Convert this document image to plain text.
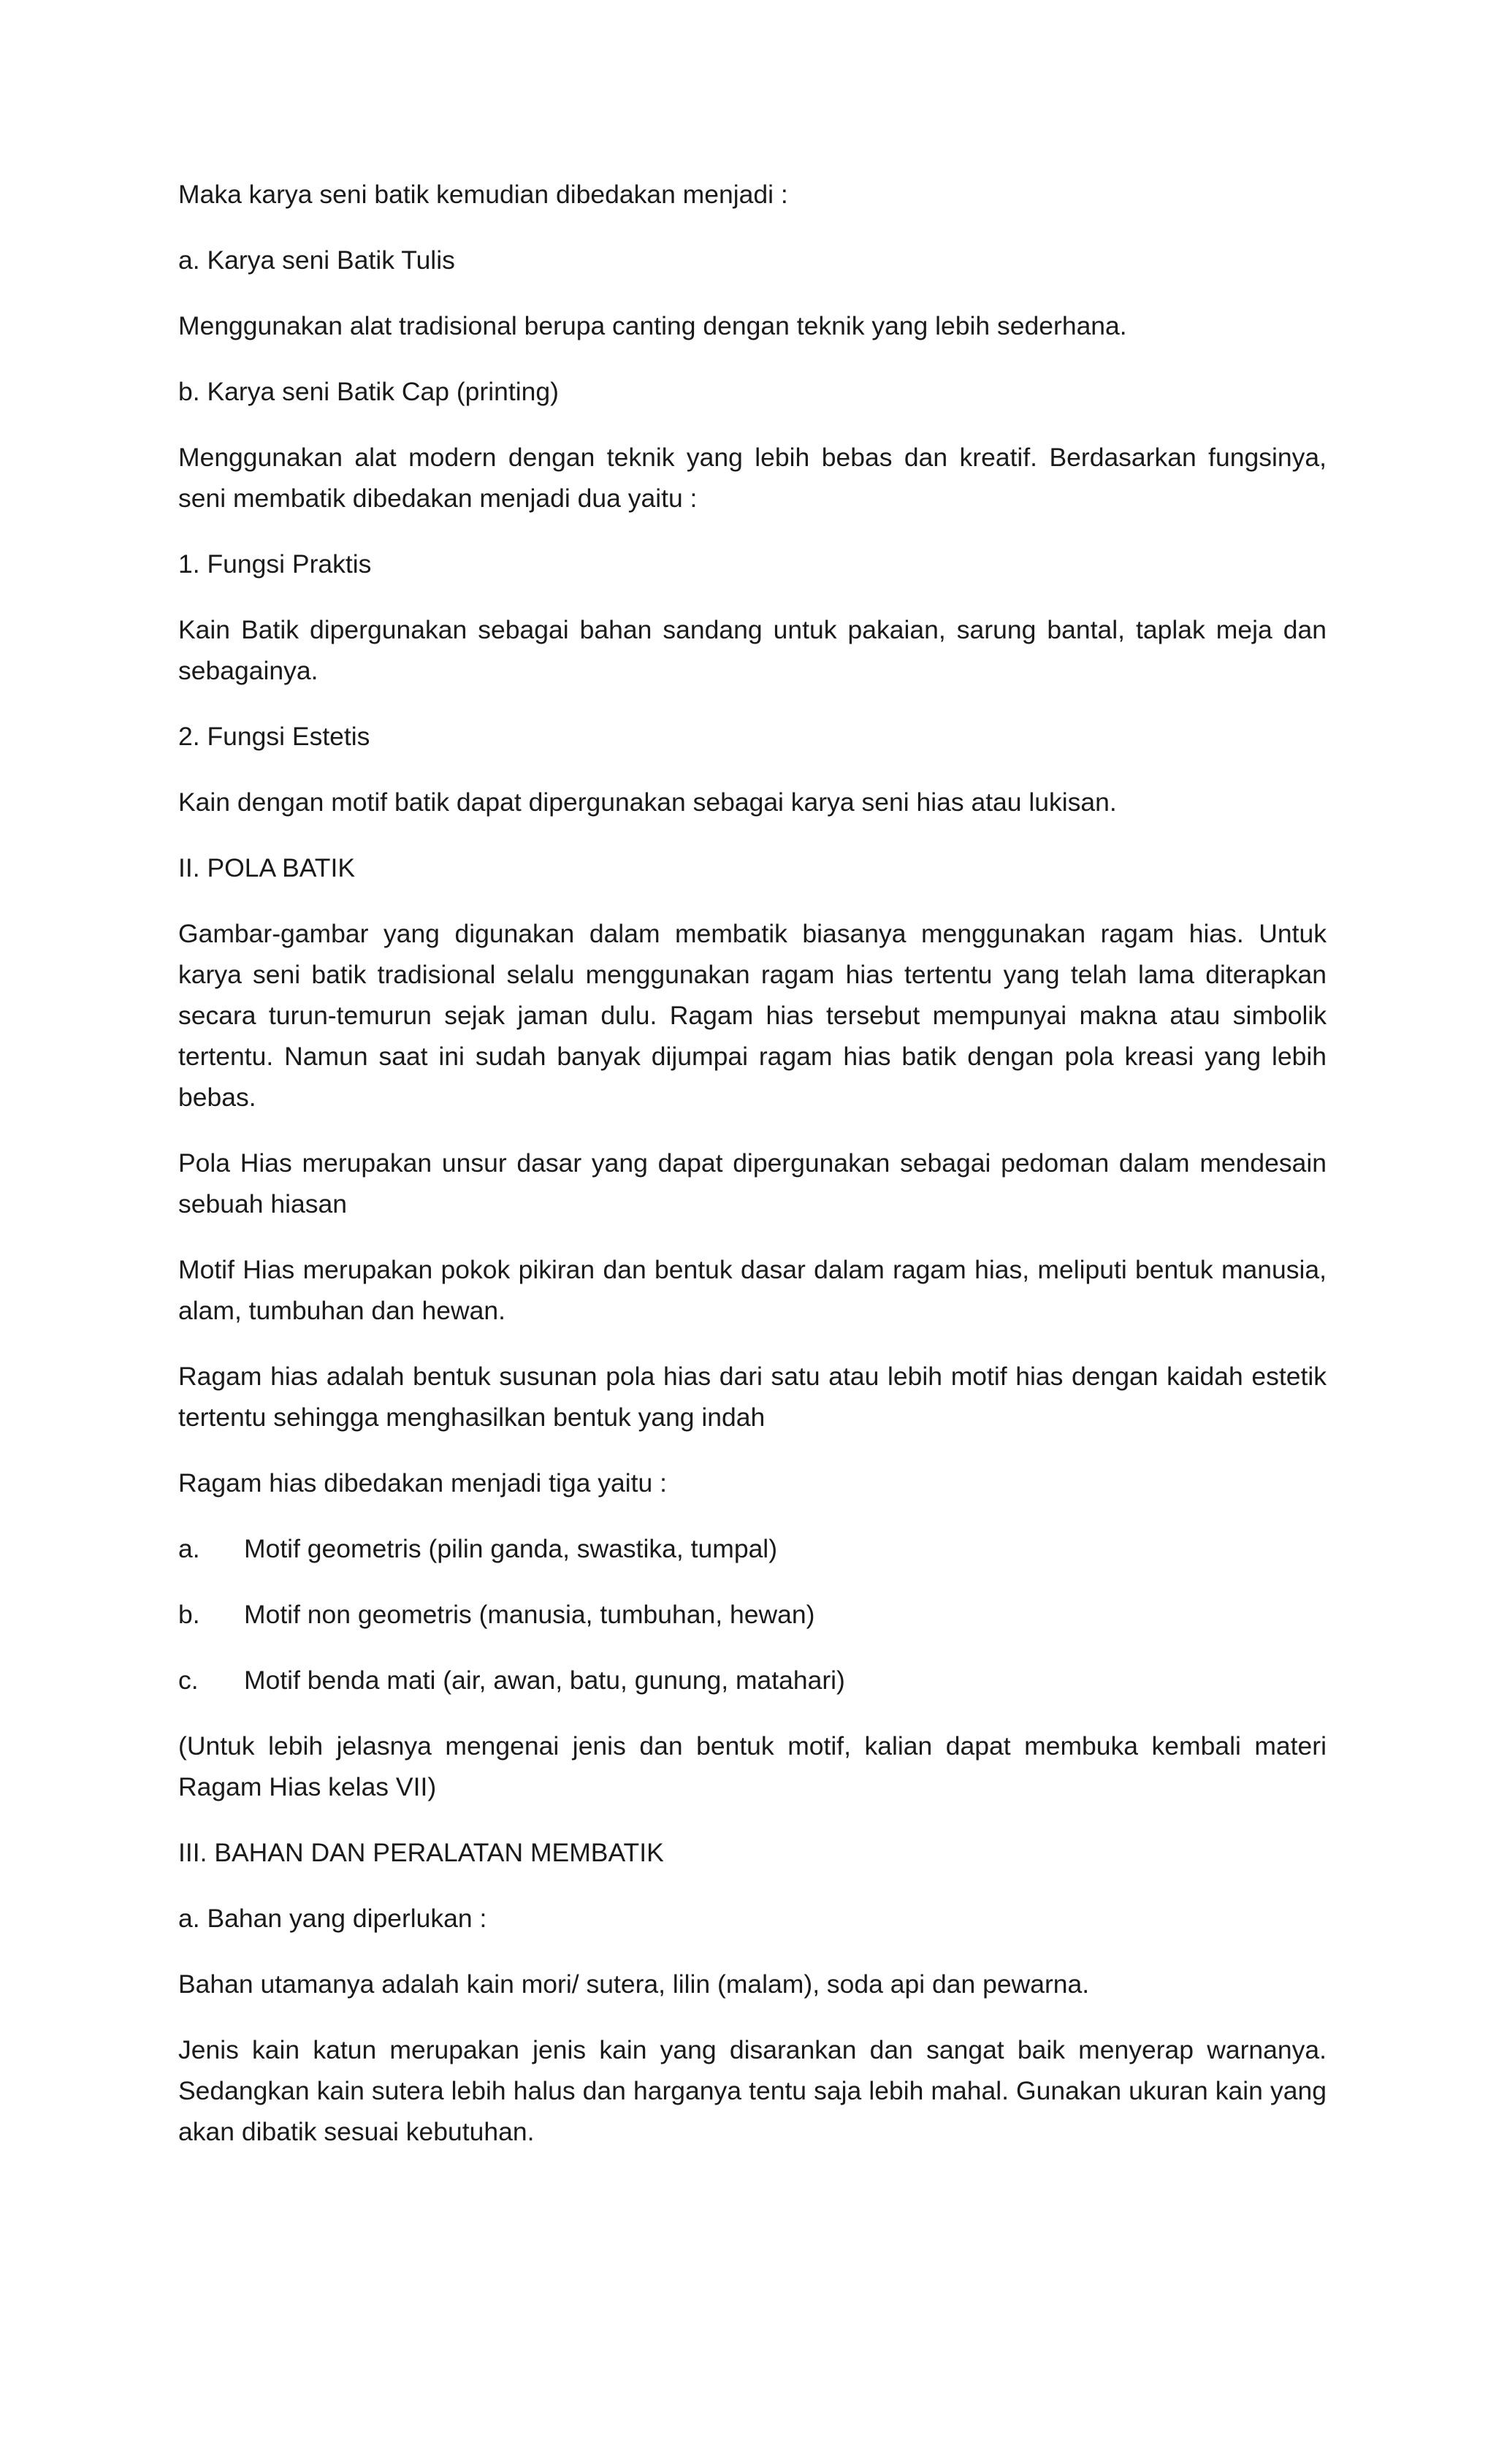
Maka karya seni batik kemudian dibedakan menjadi :

a. Karya seni Batik Tulis

Menggunakan alat tradisional berupa canting dengan teknik yang lebih sederhana.

b. Karya seni Batik Cap (printing)

Menggunakan alat modern dengan teknik yang lebih bebas dan kreatif. Berdasarkan fungsinya, seni membatik dibedakan menjadi dua yaitu :

1. Fungsi Praktis

Kain Batik dipergunakan sebagai bahan sandang untuk pakaian, sarung bantal, taplak meja dan sebagainya.

2. Fungsi Estetis

Kain dengan motif batik dapat dipergunakan sebagai karya seni hias atau lukisan.

II. POLA BATIK

Gambar-gambar yang digunakan dalam membatik biasanya menggunakan ragam hias. Untuk karya seni batik tradisional selalu menggunakan ragam hias tertentu yang telah lama diterapkan secara turun-temurun sejak jaman dulu. Ragam hias tersebut mempunyai makna atau simbolik tertentu. Namun saat ini sudah banyak dijumpai ragam hias batik dengan pola kreasi yang lebih bebas.

Pola Hias merupakan unsur dasar yang dapat dipergunakan sebagai pedoman dalam mendesain sebuah hiasan

Motif Hias merupakan pokok pikiran dan bentuk dasar dalam ragam hias, meliputi bentuk manusia, alam, tumbuhan dan hewan.

Ragam hias adalah bentuk susunan pola hias dari satu atau lebih motif hias dengan kaidah estetik tertentu sehingga menghasilkan bentuk yang indah

Ragam hias dibedakan menjadi tiga yaitu :

a.	Motif geometris (pilin ganda, swastika, tumpal)

b.	Motif non geometris (manusia, tumbuhan, hewan)

c.	Motif benda mati (air, awan, batu, gunung, matahari)

(Untuk lebih jelasnya mengenai jenis dan bentuk motif, kalian dapat membuka kembali materi Ragam Hias kelas VII)

III. BAHAN DAN PERALATAN MEMBATIK

a. Bahan yang diperlukan :

Bahan utamanya adalah kain mori/ sutera, lilin (malam), soda api dan pewarna.

Jenis kain katun merupakan jenis kain yang disarankan dan sangat baik menyerap warnanya. Sedangkan kain sutera lebih halus dan harganya tentu saja lebih mahal. Gunakan ukuran kain yang akan dibatik sesuai kebutuhan.
